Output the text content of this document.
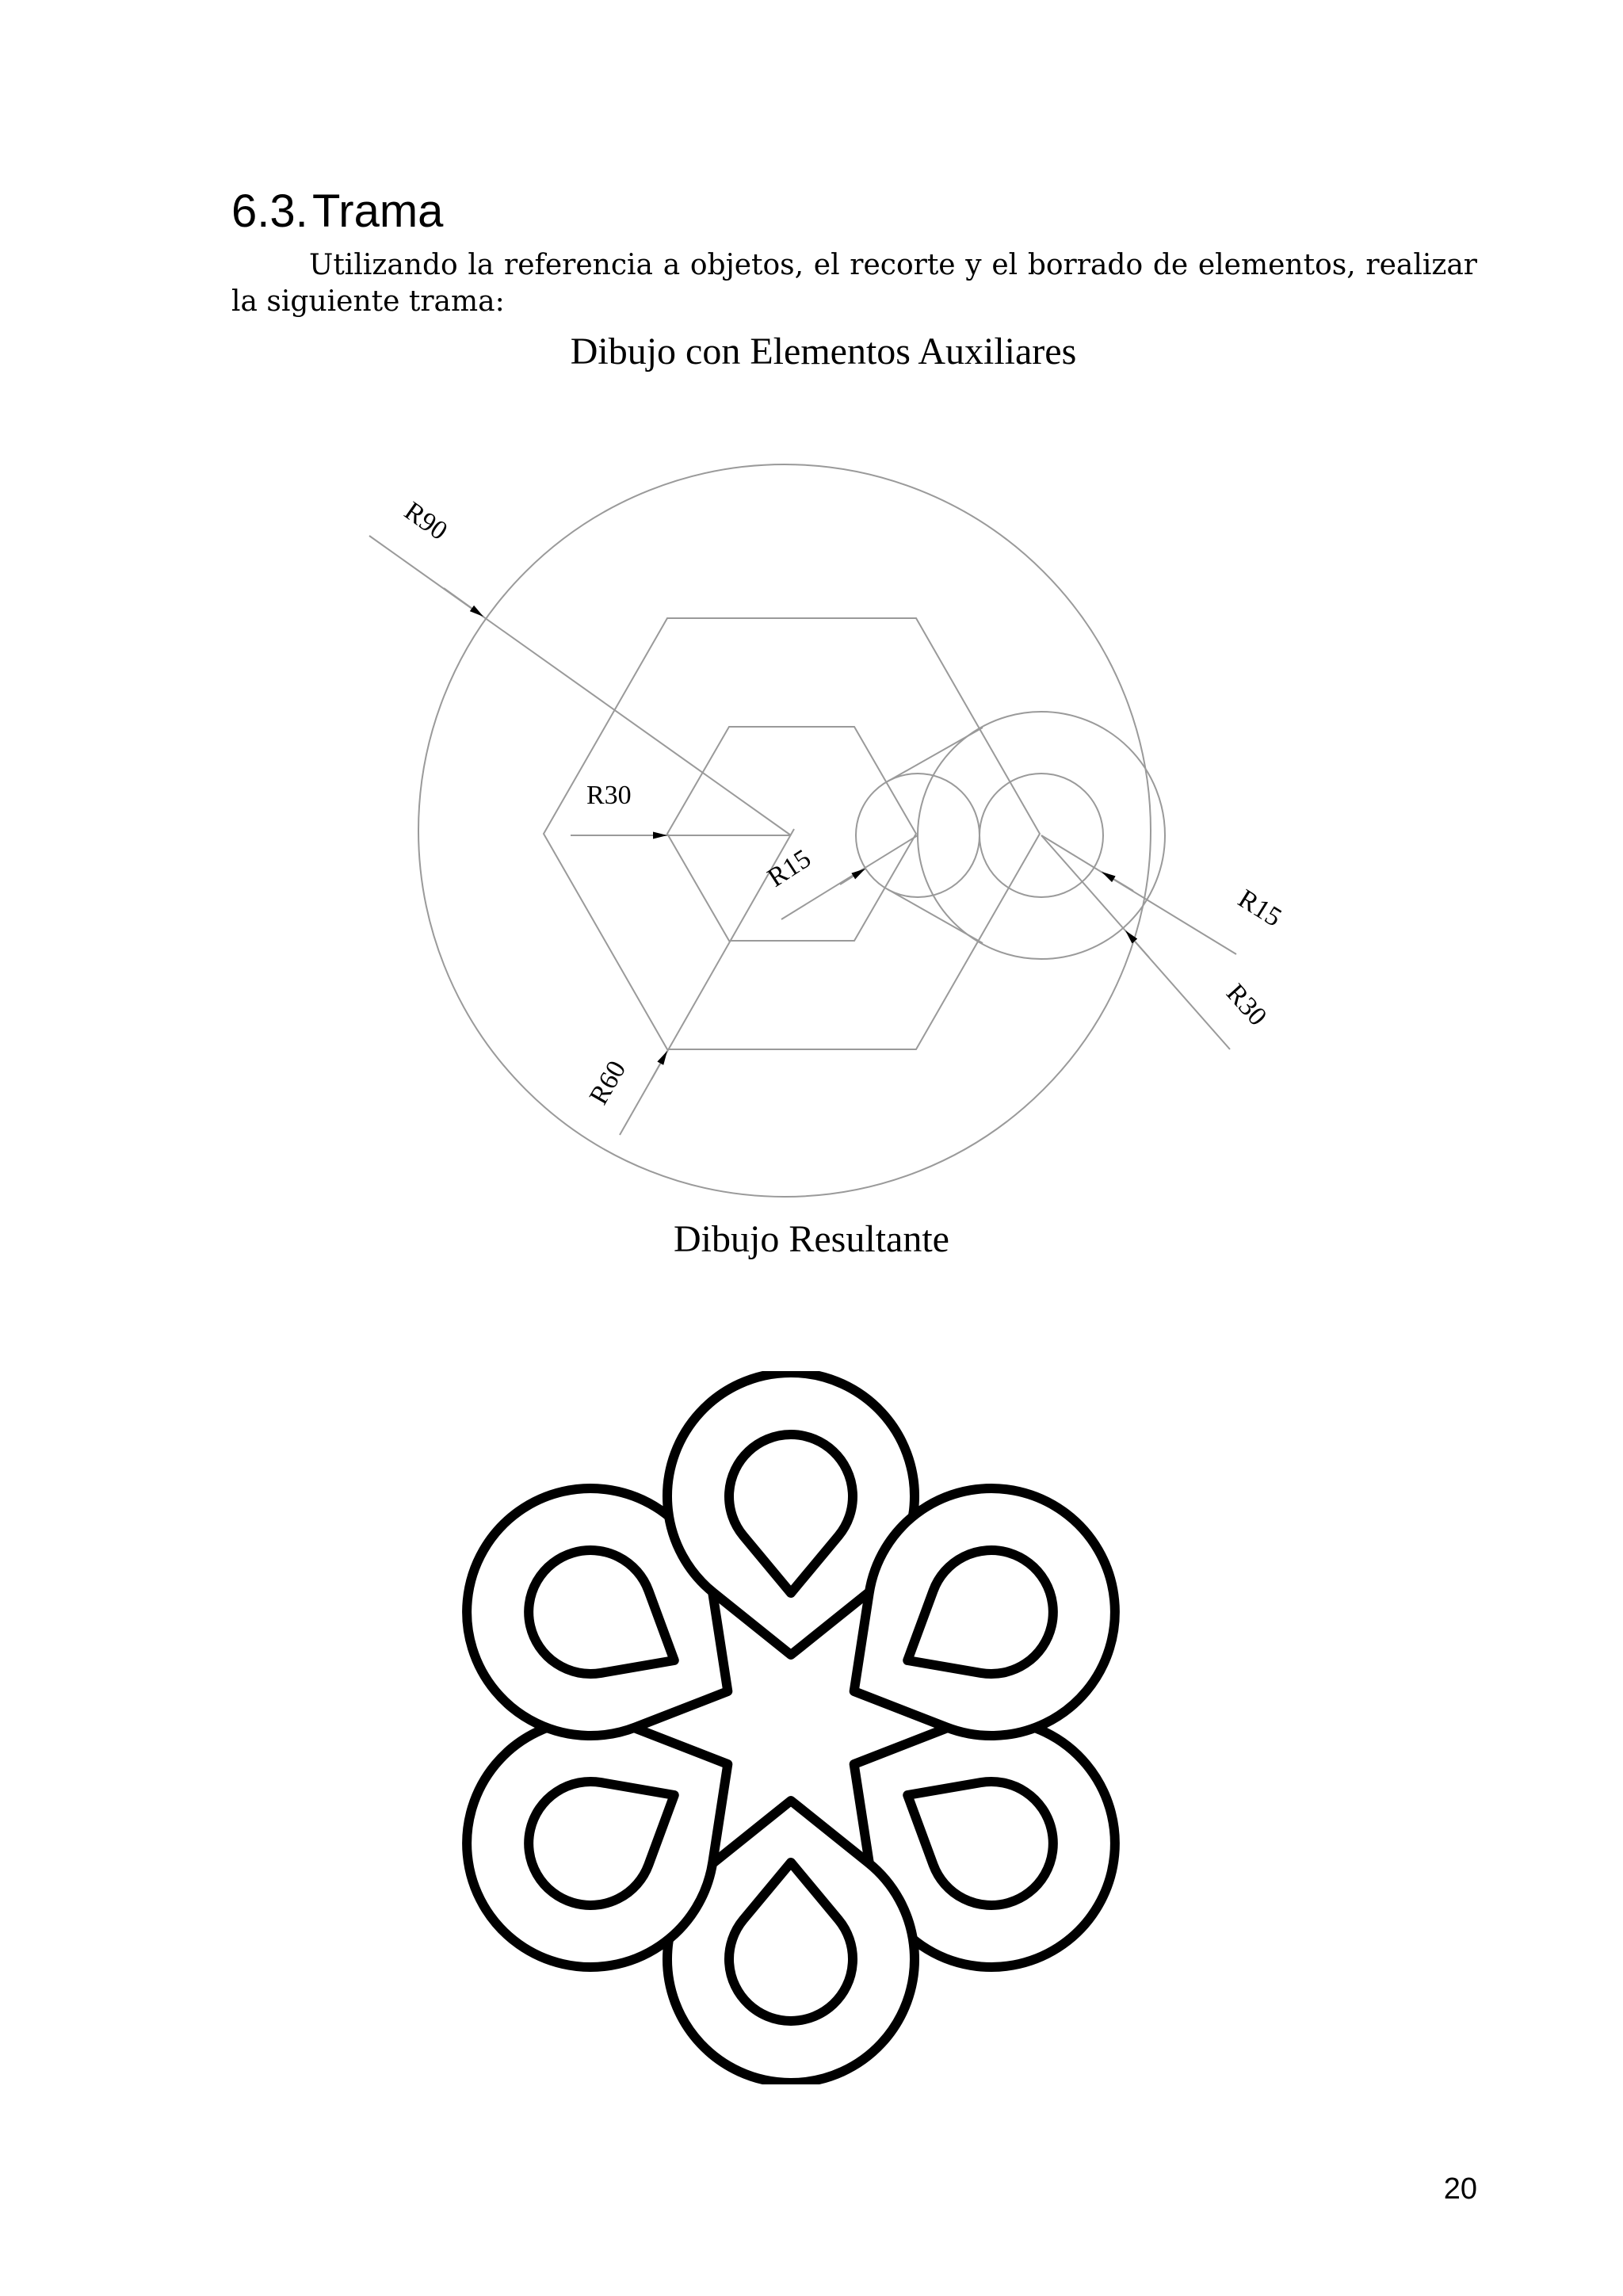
6.3.Trama

Utilizando la referencia a objetos, el recorte y el borrado de elementos, realizar la siguiente trama:

Dibujo con Elementos Auxiliares

R90
R30
R15
R60
R15
R30

Dibujo Resultante

20
